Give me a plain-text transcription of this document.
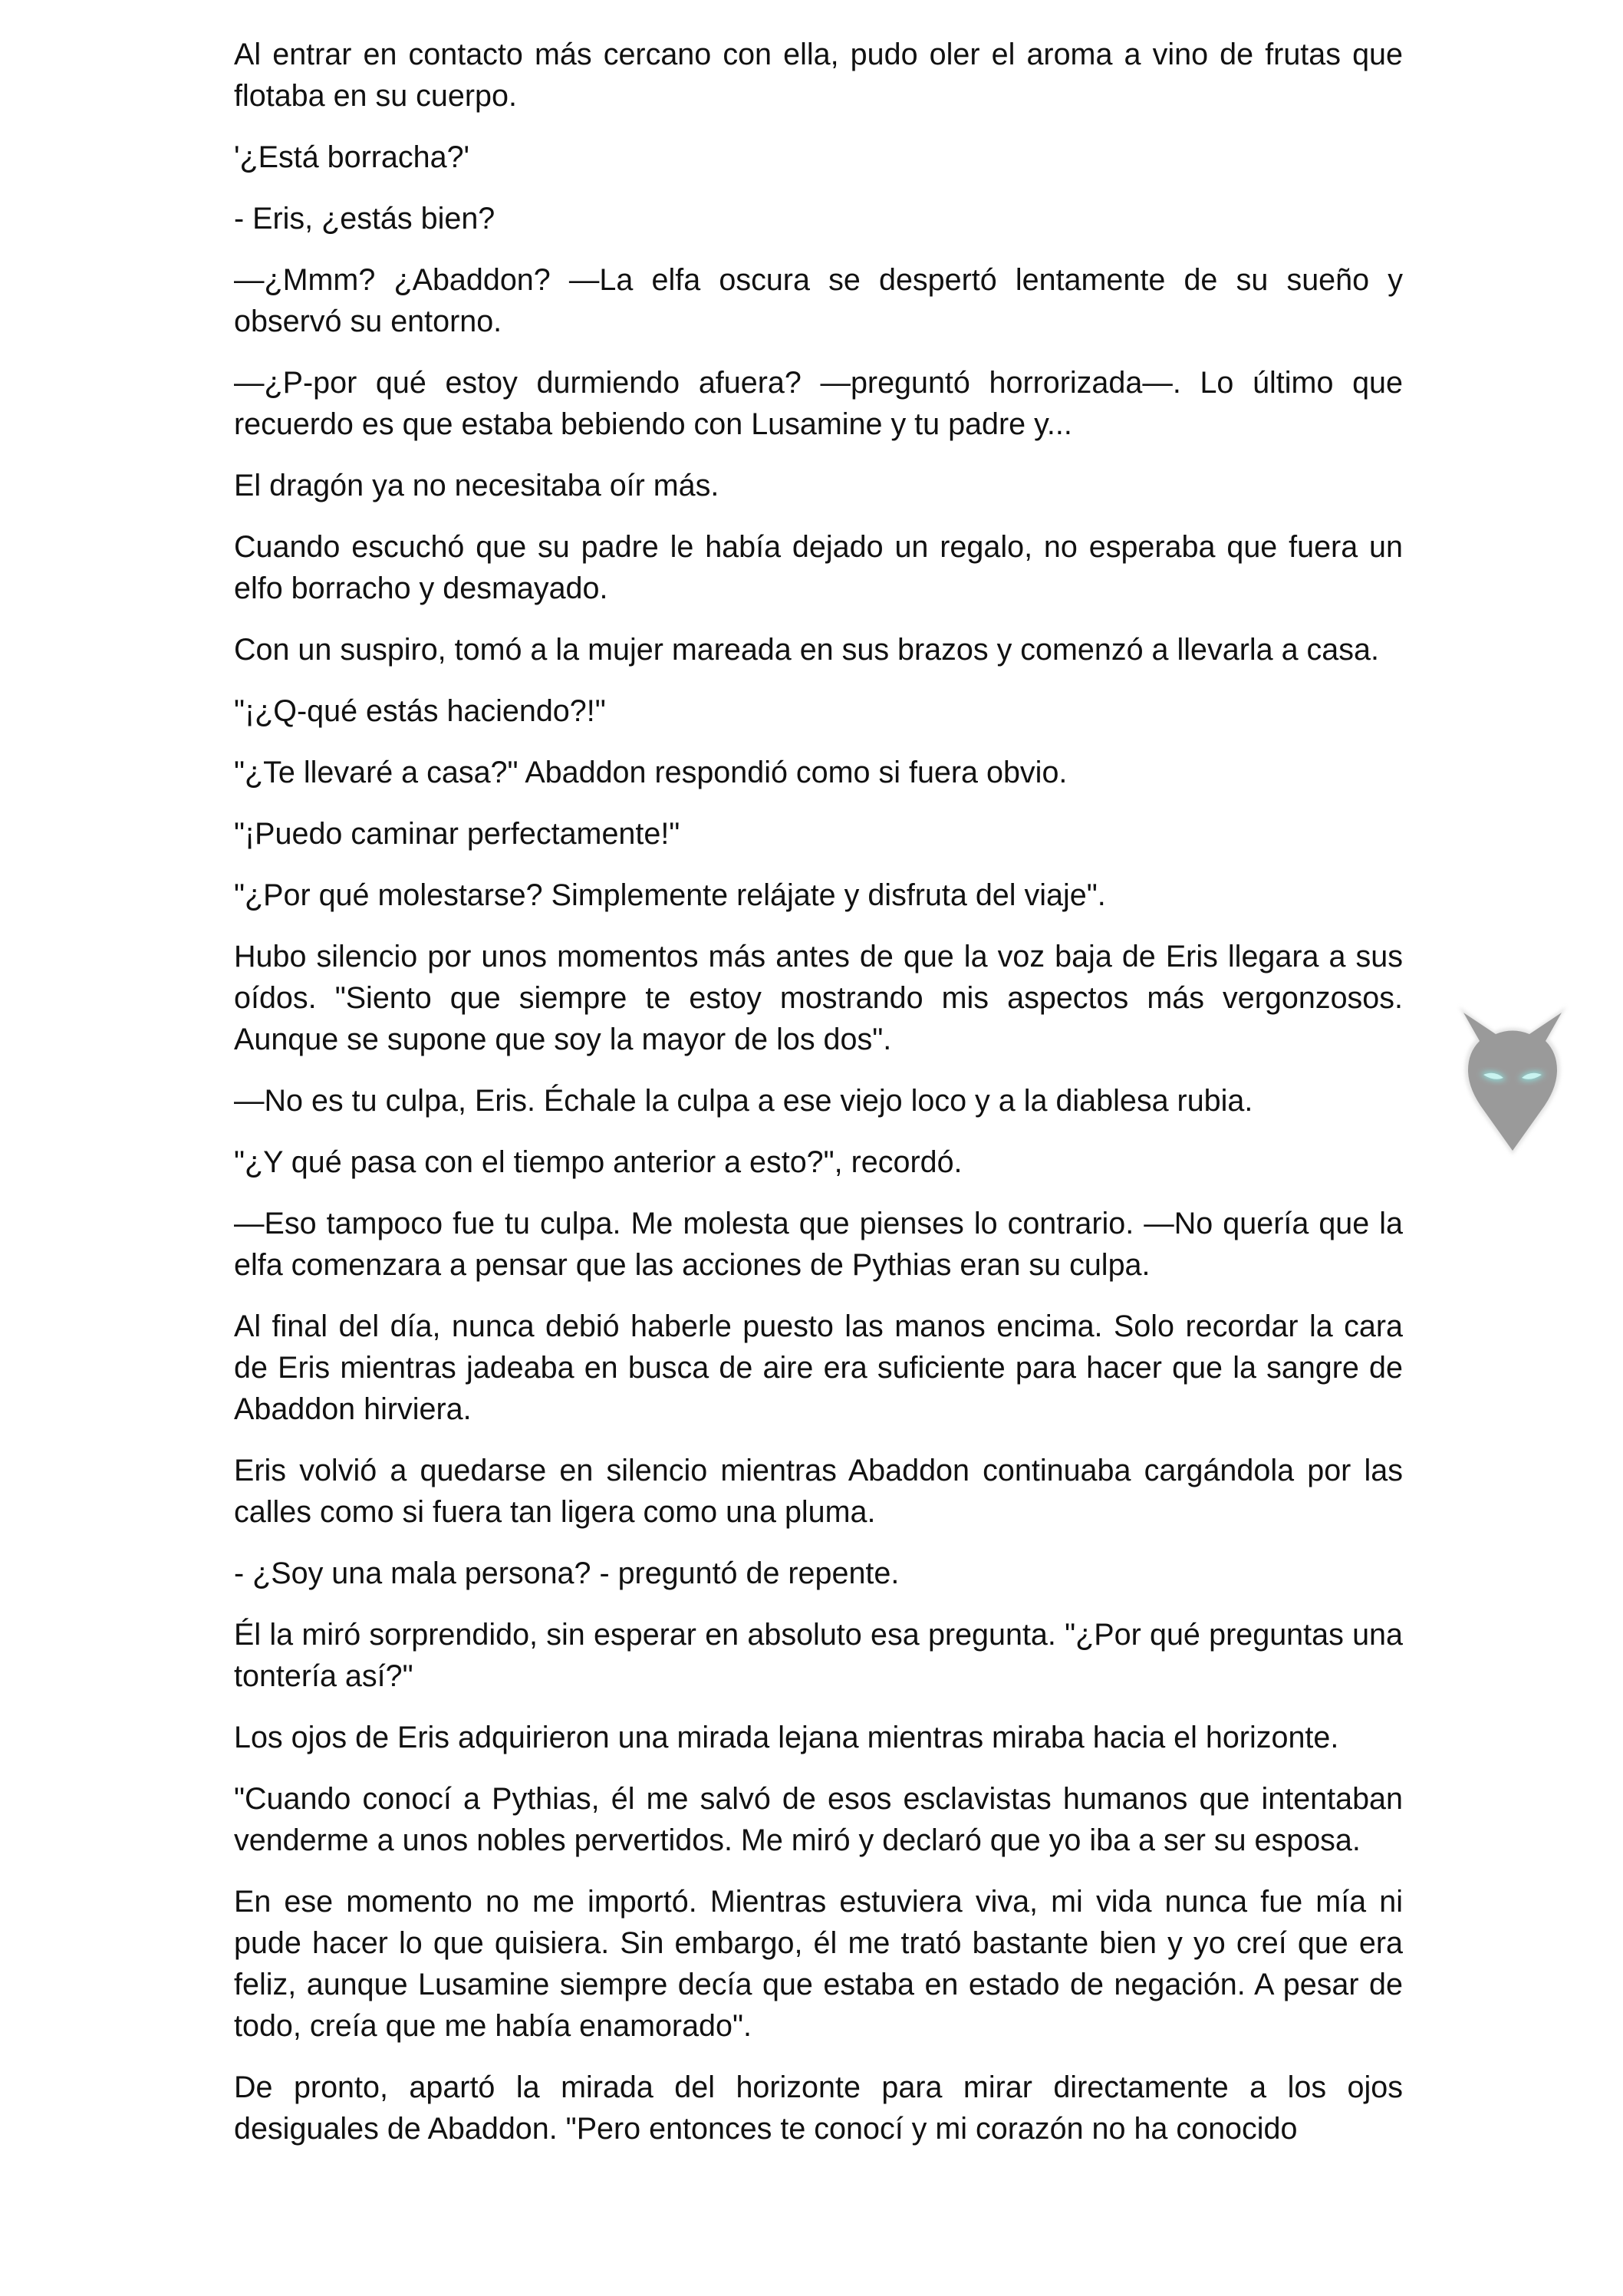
Al entrar en contacto más cercano con ella, pudo oler el aroma a vino de frutas que flotaba en su cuerpo.

'¿Está borracha?'

- Eris, ¿estás bien?

—¿Mmm? ¿Abaddon? —La elfa oscura se despertó lentamente de su sueño y observó su entorno.

—¿P-por qué estoy durmiendo afuera? —preguntó horrorizada—. Lo último que recuerdo es que estaba bebiendo con Lusamine y tu padre y...

El dragón ya no necesitaba oír más.

Cuando escuchó que su padre le había dejado un regalo, no esperaba que fuera un elfo borracho y desmayado.

Con un suspiro, tomó a la mujer mareada en sus brazos y comenzó a llevarla a casa.

"¡¿Q-qué estás haciendo?!"

"¿Te llevaré a casa?" Abaddon respondió como si fuera obvio.

"¡Puedo caminar perfectamente!"

"¿Por qué molestarse? Simplemente relájate y disfruta del viaje".

Hubo silencio por unos momentos más antes de que la voz baja de Eris llegara a sus oídos. "Siento que siempre te estoy mostrando mis aspectos más vergonzosos. Aunque se supone que soy la mayor de los dos".

—No es tu culpa, Eris. Échale la culpa a ese viejo loco y a la diablesa rubia.

"¿Y qué pasa con el tiempo anterior a esto?", recordó.

—Eso tampoco fue tu culpa. Me molesta que pienses lo contrario. —No quería que la elfa comenzara a pensar que las acciones de Pythias eran su culpa.

Al final del día, nunca debió haberle puesto las manos encima. Solo recordar la cara de Eris mientras jadeaba en busca de aire era suficiente para hacer que la sangre de Abaddon hirviera.

Eris volvió a quedarse en silencio mientras Abaddon continuaba cargándola por las calles como si fuera tan ligera como una pluma.

- ¿Soy una mala persona? - preguntó de repente.

Él la miró sorprendido, sin esperar en absoluto esa pregunta. "¿Por qué preguntas una tontería así?"

Los ojos de Eris adquirieron una mirada lejana mientras miraba hacia el horizonte.

"Cuando conocí a Pythias, él me salvó de esos esclavistas humanos que intentaban venderme a unos nobles pervertidos. Me miró y declaró que yo iba a ser su esposa.

En ese momento no me importó. Mientras estuviera viva, mi vida nunca fue mía ni pude hacer lo que quisiera. Sin embargo, él me trató bastante bien y yo creí que era feliz, aunque Lusamine siempre decía que estaba en estado de negación. A pesar de todo, creía que me había enamorado".

De pronto, apartó la mirada del horizonte para mirar directamente a los ojos desiguales de Abaddon. "Pero entonces te conocí y mi corazón no ha conocido
